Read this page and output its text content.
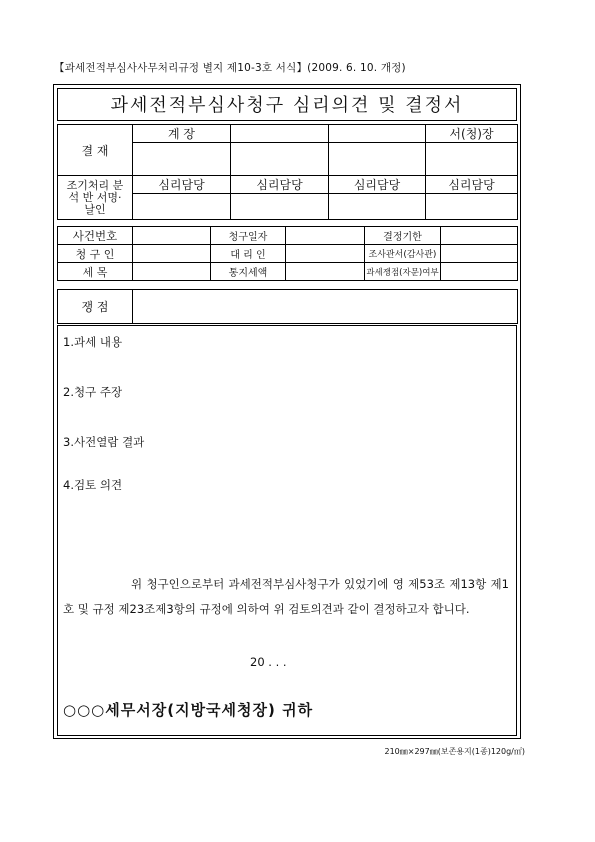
【과세전적부심사사무처리규정 별지 제10-3호 서식】(2009. 6. 10. 개정)
과세전적부심사청구 심리의견 및 결정서
결 재	계 장			서(청)장

조기처리 분 석 반 서명·날인	심리담당	심리담당	심리담당	심리담당

사건번호		청구일자		결정기한	
청 구 인		대 리 인		조사관서(감사관)	
세 목		통지세액		과세쟁점(자문)여부	
쟁 점	
1.과세 내용
2.청구 주장
3.사전열람 결과
4.검토 의견
위 청구인으로부터 과세전적부심사청구가 있었기에 영 제53조 제13항 제1호 및 규정 제23조제3항의 규정에 의하여 위 검토의견과 같이 결정하고자 합니다.
20 . . .
○○○세무서장(지방국세청장) 귀하
210㎜×297㎜(보존용지(1종)120g/㎡)
